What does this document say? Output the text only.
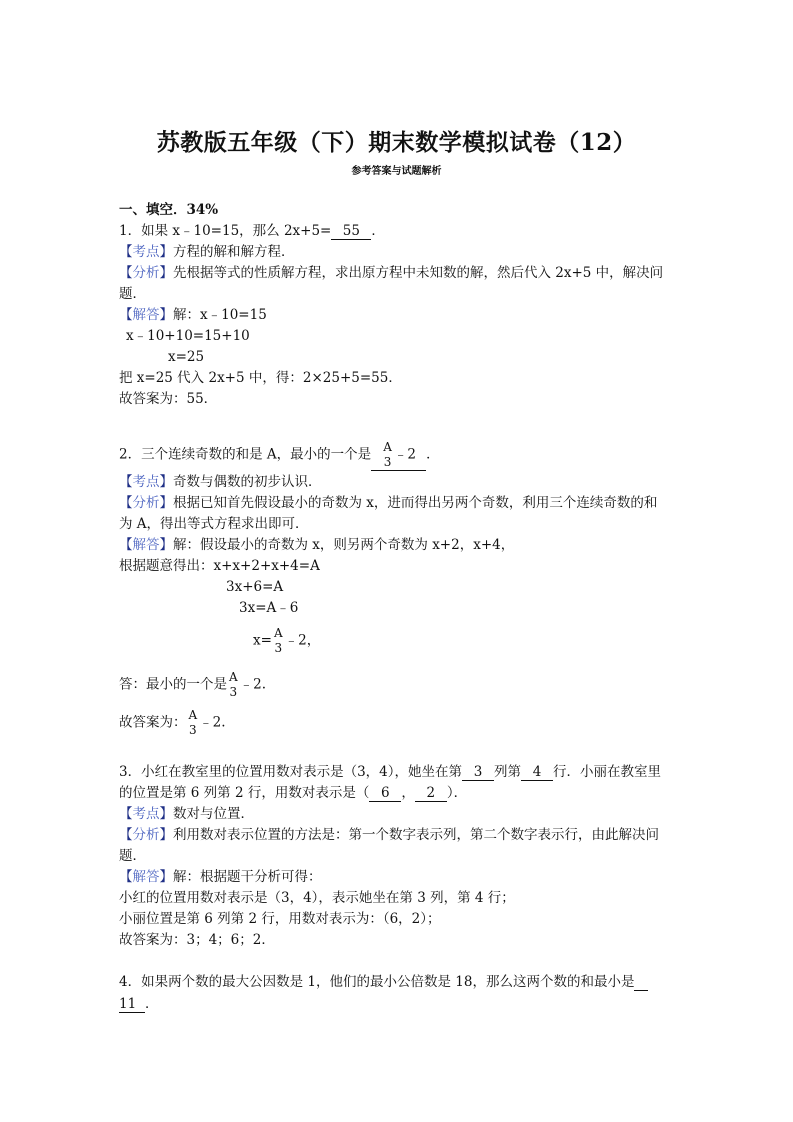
苏教版五年级（下）期末数学模拟试卷（12）
参考答案与试题解析
一、填空．34%
1．如果 x﹣10=15，那么 2x+5= 55 ．
【考点】方程的解和解方程．
【分析】先根据等式的性质解方程，求出原方程中未知数的解，然后代入 2x+5 中，解决问
题．
【解答】解：x﹣10=15
x﹣10+10=15+10
x=25
把 x=25 代入 2x+5 中，得：2×25+5=55．
故答案为：55．
2．三个连续奇数的和是 A，最小的一个是 A
3 ﹣2 ．
【考点】奇数与偶数的初步认识．
【分析】根据已知首先假设最小的奇数为 x，进而得出另两个奇数，利用三个连续奇数的和
为 A，得出等式方程求出即可．
【解答】解：假设最小的奇数为 x，则另两个奇数为 x+2，x+4，
根据题意得出：x+x+2+x+4=A
3x+6=A
3x=A﹣6
x= A
3 ﹣2，
答：最小的一个是 A
3 ﹣2.
故答案为： A
3 ﹣2.
3．小红在教室里的位置用数对表示是（3，4），她坐在第 3 列第 4 行．小丽在教室里
的位置是第 6 列第 2 行，用数对表示是（ 6 ， 2 ）．
【考点】数对与位置．
【分析】利用数对表示位置的方法是：第一个数字表示列，第二个数字表示行，由此解决问
题．
【解答】解：根据题干分析可得：
小红的位置用数对表示是（3，4），表示她坐在第 3 列，第 4 行；
小丽位置是第 6 列第 2 行，用数对表示为：（6，2）；
故答案为：3；4；6；2．
4．如果两个数的最大公因数是 1，他们的最小公倍数是 18，那么这两个数的和最小是
11 ．
